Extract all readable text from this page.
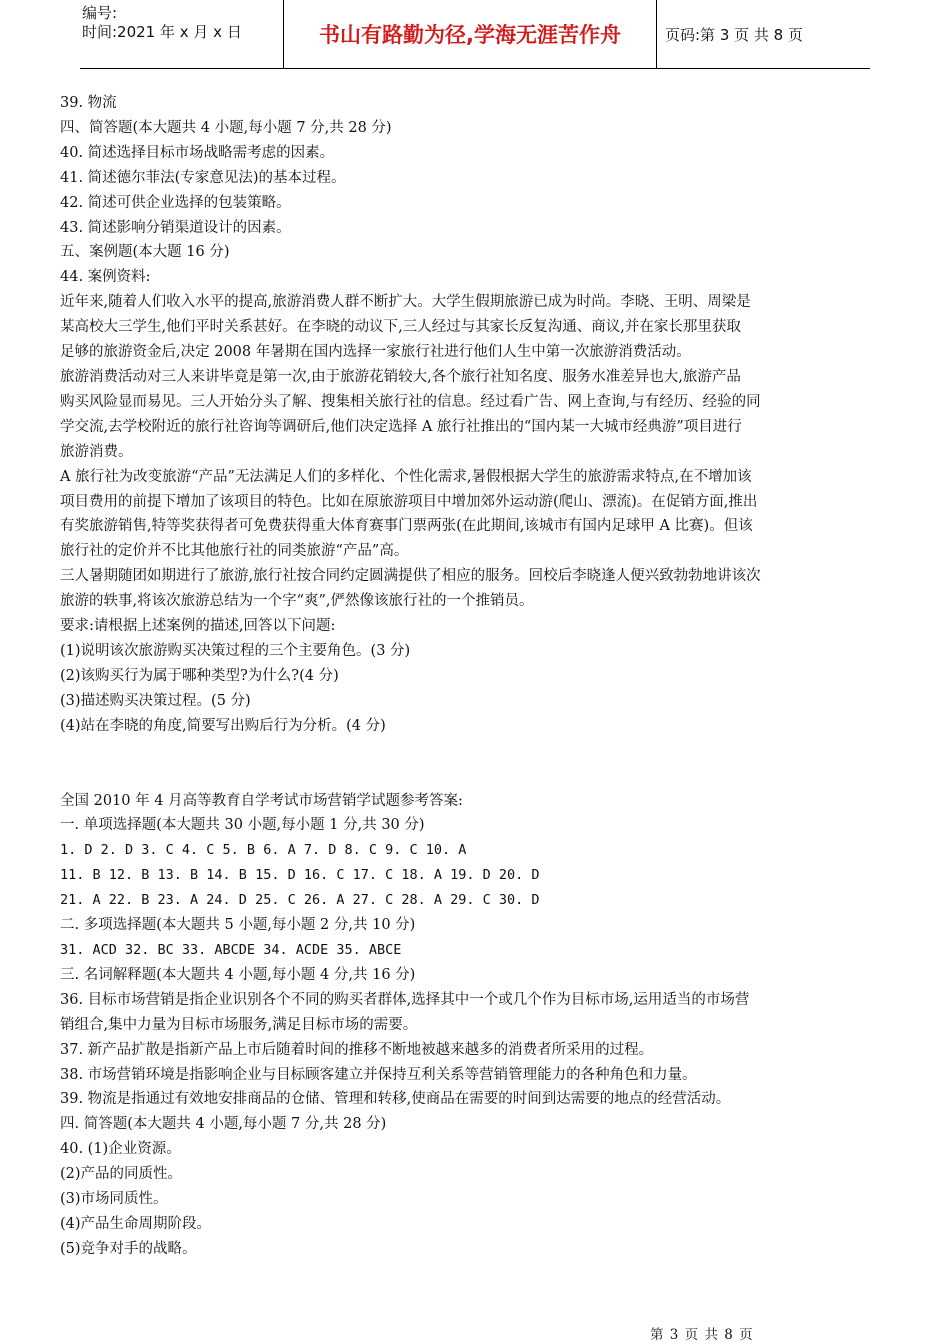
编号:
时间:2021 年 x 月 x 日	书山有路勤为径,学海无涯苦作舟	页码:第 3 页 共 8 页

39. 物流

四、简答题(本大题共 4 小题,每小题 7 分,共 28 分)

40. 简述选择目标市场战略需考虑的因素。

41. 简述德尔菲法(专家意见法)的基本过程。

42. 简述可供企业选择的包装策略。

43. 简述影响分销渠道设计的因素。

五、案例题(本大题 16 分)

44. 案例资料:

近年来,随着人们收入水平的提高,旅游消费人群不断扩大。大学生假期旅游已成为时尚。李晓、王明、周梁是

某高校大三学生,他们平时关系甚好。在李晓的动议下,三人经过与其家长反复沟通、商议,并在家长那里获取

足够的旅游资金后,决定 2008 年暑期在国内选择一家旅行社进行他们人生中第一次旅游消费活动。

旅游消费活动对三人来讲毕竟是第一次,由于旅游花销较大,各个旅行社知名度、服务水准差异也大,旅游产品

购买风险显而易见。三人开始分头了解、搜集相关旅行社的信息。经过看广告、网上查询,与有经历、经验的同

学交流,去学校附近的旅行社咨询等调研后,他们决定选择 A 旅行社推出的“国内某一大城市经典游”项目进行

旅游消费。

A 旅行社为改变旅游“产品”无法满足人们的多样化、个性化需求,暑假根据大学生的旅游需求特点,在不增加该

项目费用的前提下增加了该项目的特色。比如在原旅游项目中增加郊外运动游(爬山、漂流)。在促销方面,推出

有奖旅游销售,特等奖获得者可免费获得重大体育赛事门票两张(在此期间,该城市有国内足球甲 A 比赛)。但该

旅行社的定价并不比其他旅行社的同类旅游“产品”高。

三人暑期随团如期进行了旅游,旅行社按合同约定圆满提供了相应的服务。回校后李晓逢人便兴致勃勃地讲该次

旅游的轶事,将该次旅游总结为一个字“爽”,俨然像该旅行社的一个推销员。

要求:请根据上述案例的描述,回答以下问题:

(1)说明该次旅游购买决策过程的三个主要角色。(3 分)

(2)该购买行为属于哪种类型?为什么?(4 分)

(3)描述购买决策过程。(5 分)

(4)站在李晓的角度,简要写出购后行为分析。(4 分)

全国 2010 年 4 月高等教育自学考试市场营销学试题参考答案:

一. 单项选择题(本大题共 30 小题,每小题 1 分,共 30 分)

1. D 2. D 3. C 4. C 5. B 6. A 7. D 8. C 9. C 10. A

11. B 12. B 13. B 14. B 15. D 16. C 17. C 18. A 19. D 20. D

21. A 22. B 23. A 24. D 25. C 26. A 27. C 28. A 29. C 30. D

二. 多项选择题(本大题共 5 小题,每小题 2 分,共 10 分)

31. ACD 32. BC 33. ABCDE 34. ACDE 35. ABCE

三. 名词解释题(本大题共 4 小题,每小题 4 分,共 16 分)

36. 目标市场营销是指企业识别各个不同的购买者群体,选择其中一个或几个作为目标市场,运用适当的市场营

销组合,集中力量为目标市场服务,满足目标市场的需要。

37. 新产品扩散是指新产品上市后随着时间的推移不断地被越来越多的消费者所采用的过程。

38. 市场营销环境是指影响企业与目标顾客建立并保持互利关系等营销管理能力的各种角色和力量。

39. 物流是指通过有效地安排商品的仓储、管理和转移,使商品在需要的时间到达需要的地点的经营活动。

四. 简答题(本大题共 4 小题,每小题 7 分,共 28 分)

40. (1)企业资源。

(2)产品的同质性。

(3)市场同质性。

(4)产品生命周期阶段。

(5)竞争对手的战略。

第 3 页 共 8 页
